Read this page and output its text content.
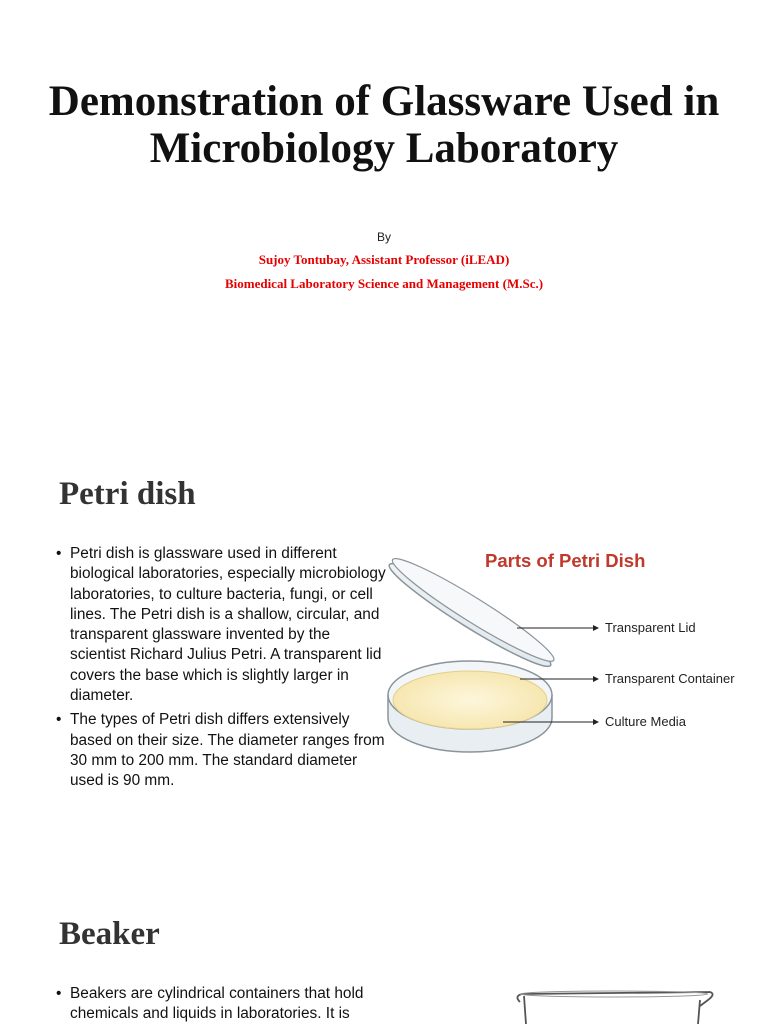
Demonstration of Glassware Used in Microbiology Laboratory
By
Sujoy Tontubay, Assistant Professor (iLEAD)
Biomedical Laboratory Science and Management (M.Sc.)
Petri dish
• Petri dish is glassware used in different biological laboratories, especially microbiology laboratories, to culture bacteria, fungi, or cell lines. The Petri dish is a shallow, circular, and transparent glassware invented by the scientist Richard Julius Petri. A transparent lid covers the base which is slightly larger in diameter.
• The types of Petri dish differs extensively based on their size. The diameter ranges from 30 mm to 200 mm. The standard diameter used is 90 mm.
Parts of Petri Dish
Transparent Lid
Transparent Container
Culture Media
Beaker
• Beakers are cylindrical containers that hold chemicals and liquids in laboratories. It is
